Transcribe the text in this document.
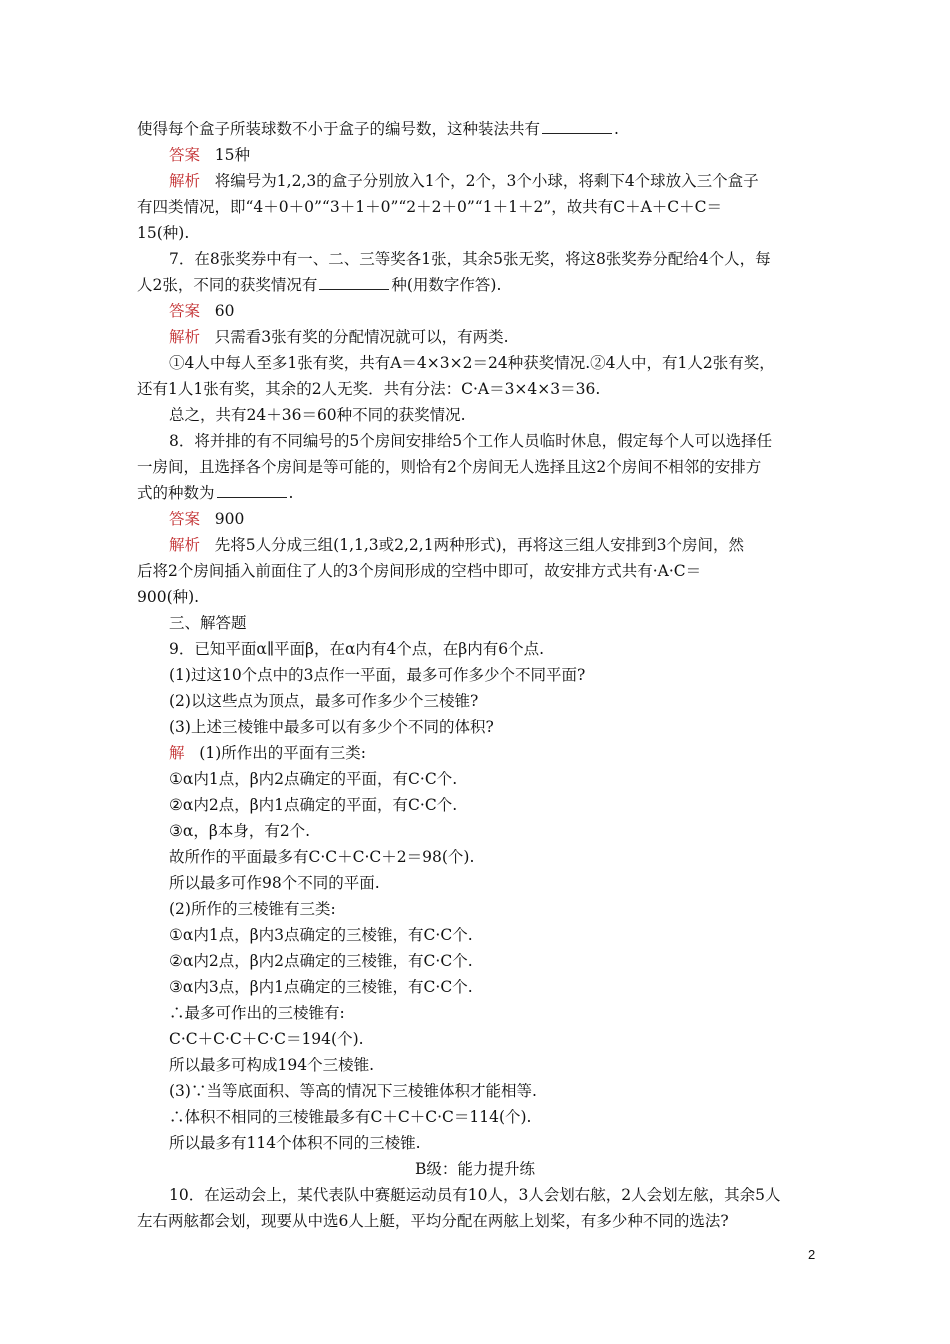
使得每个盒子所装球数不小于盒子的编号数，这种装法共有	.
答案 15种
解析 将编号为1,2,3的盒子分别放入1个，2个，3个小球，将剩下4个球放入三个盒子
有四类情况，即“4＋0＋0”“3＋1＋0”“2＋2＋0”“1＋1＋2”，故共有C＋A＋C＋C＝
15(种).
7．在8张奖券中有一、二、三等奖各1张，其余5张无奖，将这8张奖券分配给4个人，每
人2张，不同的获奖情况有	种(用数字作答).
答案 60
解析 只需看3张有奖的分配情况就可以，有两类.
①4人中每人至多1张有奖，共有A＝4×3×2＝24种获奖情况.②4人中，有1人2张有奖，
还有1人1张有奖，其余的2人无奖．共有分法：C·A＝3×4×3＝36.
总之，共有24＋36＝60种不同的获奖情况.
8．将并排的有不同编号的5个房间安排给5个工作人员临时休息，假定每个人可以选择任
一房间，且选择各个房间是等可能的，则恰有2个房间无人选择且这2个房间不相邻的安排方
式的种数为	.
答案 900
解析 先将5人分成三组(1,1,3或2,2,1两种形式)，再将这三组人安排到3个房间，然
后将2个房间插入前面住了人的3个房间形成的空档中即可，故安排方式共有·A·C＝
900(种).
三、解答题
9．已知平面α∥平面β，在α内有4个点，在β内有6个点.
(1)过这10个点中的3点作一平面，最多可作多少个不同平面?
(2)以这些点为顶点，最多可作多少个三棱锥?
(3)上述三棱锥中最多可以有多少个不同的体积?
解 (1)所作出的平面有三类:
①α内1点，β内2点确定的平面，有C·C个.
②α内2点，β内1点确定的平面，有C·C个.
③α，β本身，有2个.
故所作的平面最多有C·C＋C·C＋2＝98(个).
所以最多可作98个不同的平面.
(2)所作的三棱锥有三类:
①α内1点，β内3点确定的三棱锥，有C·C个.
②α内2点，β内2点确定的三棱锥，有C·C个.
③α内3点，β内1点确定的三棱锥，有C·C个.
∴最多可作出的三棱锥有:
C·C＋C·C＋C·C＝194(个).
所以最多可构成194个三棱锥.
(3)∵当等底面积、等高的情况下三棱锥体积才能相等.
∴体积不相同的三棱锥最多有C＋C＋C·C＝114(个).
所以最多有114个体积不同的三棱锥.
B级：能力提升练
10．在运动会上，某代表队中赛艇运动员有10人，3人会划右舷，2人会划左舷，其余5人
左右两舷都会划，现要从中选6人上艇，平均分配在两舷上划桨，有多少种不同的选法?
2
